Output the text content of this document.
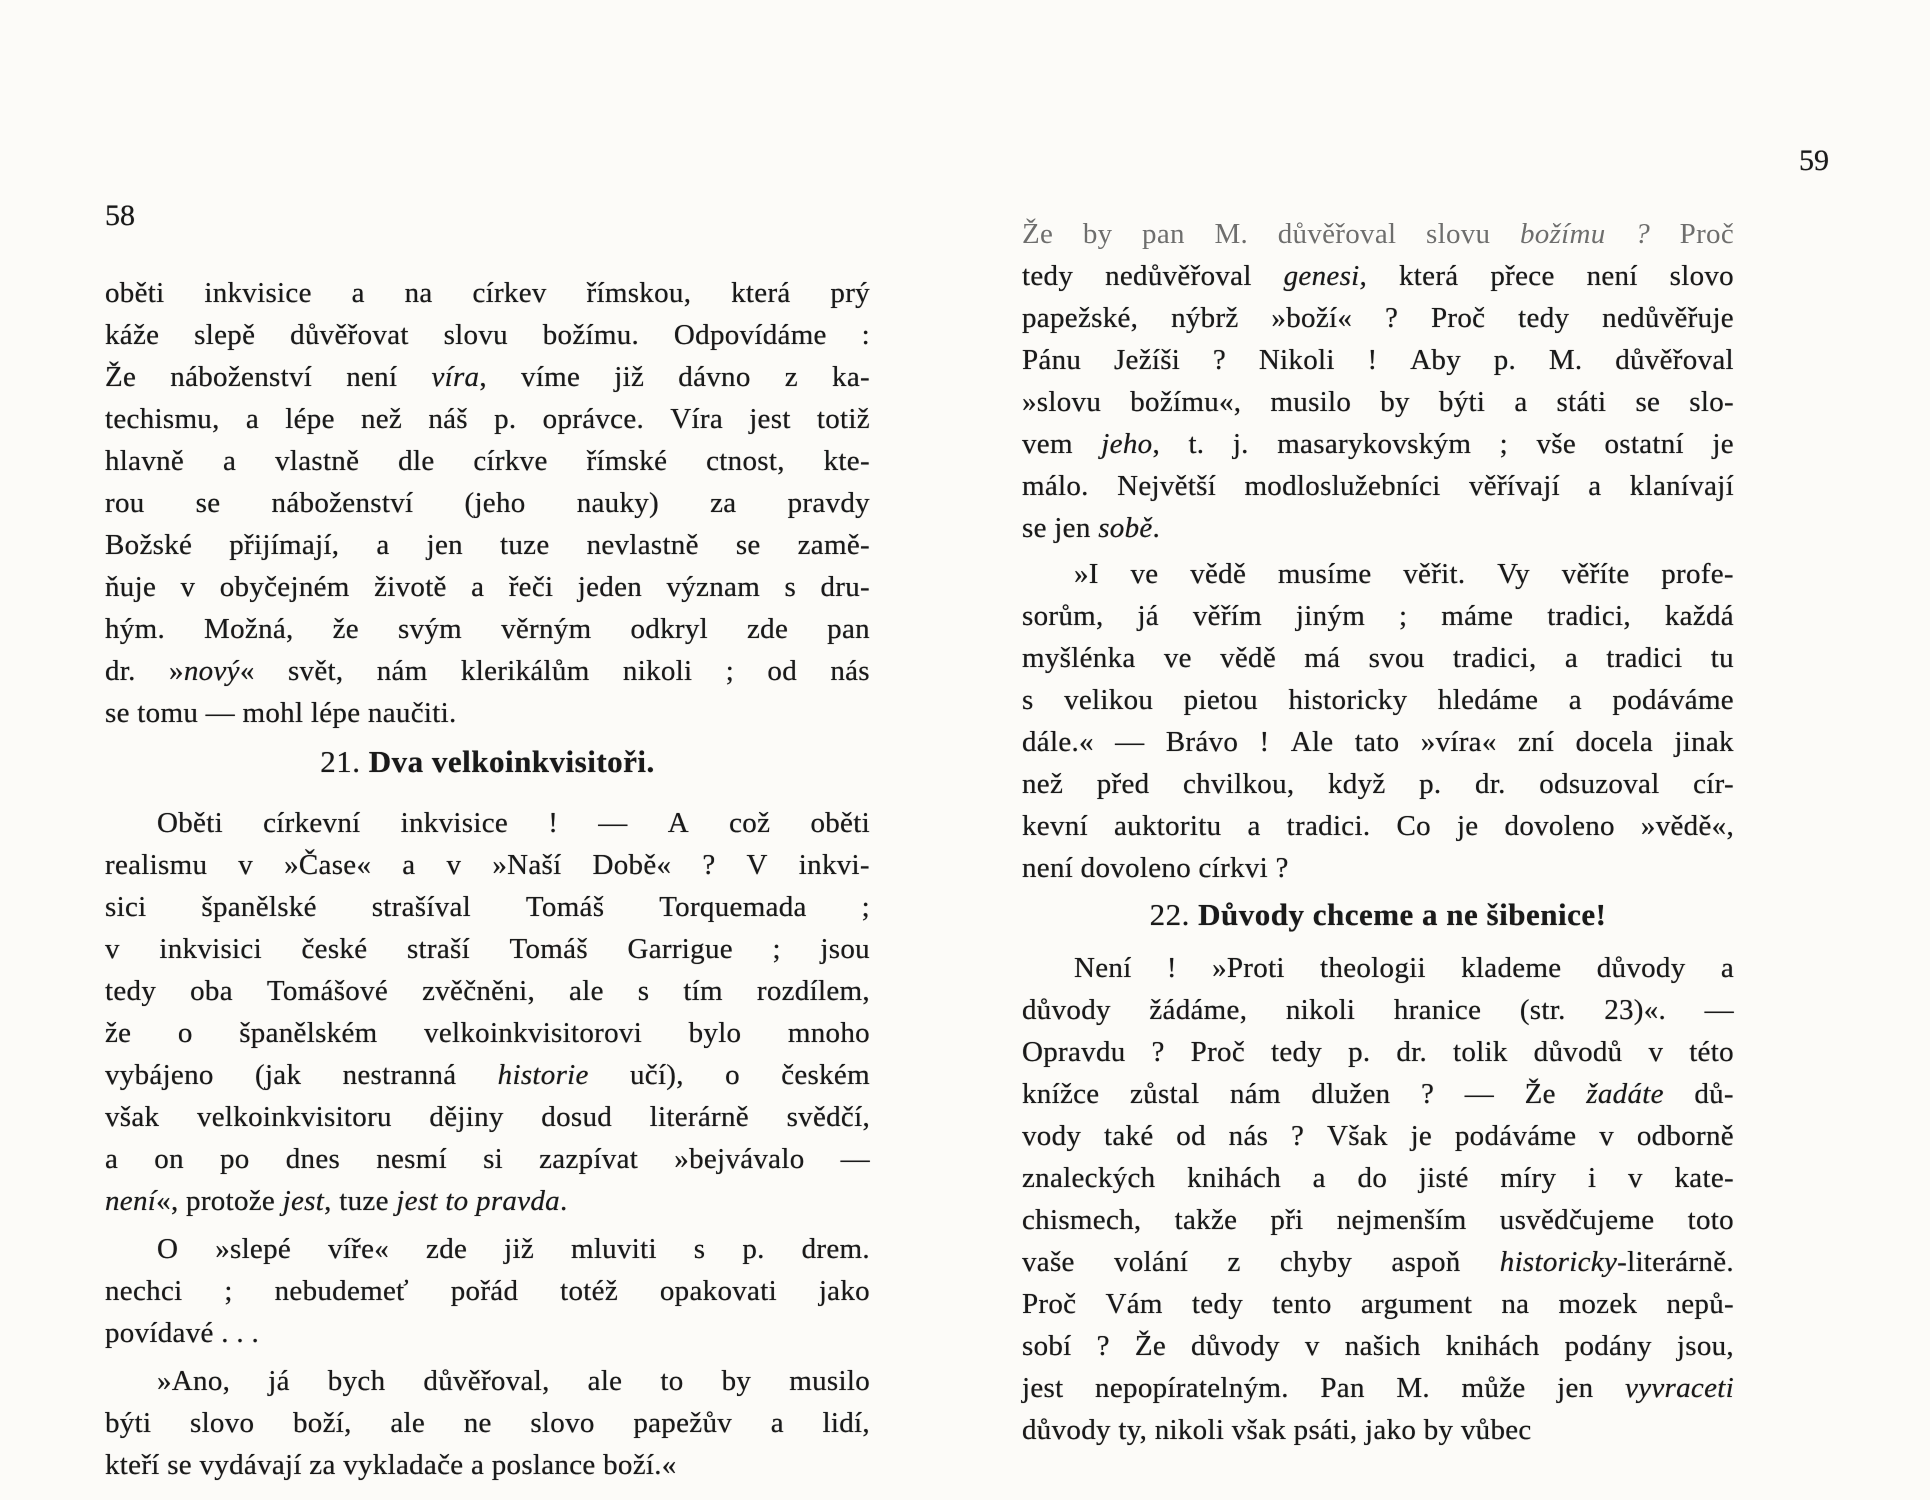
58
oběti inkvisice a na církev římskou, která prý
káže slepě důvěřovat slovu božímu. Odpovídáme :
Že náboženství není víra, víme již dávno z ka-
techismu, a lépe než náš p. oprávce. Víra jest totiž
hlavně a vlastně dle církve římské ctnost, kte-
rou se náboženství (jeho nauky) za pravdy
Božské přijímají, a jen tuze nevlastně se zamě-
ňuje v obyčejném životě a řeči jeden význam s dru-
hým. Možná, že svým věrným odkryl zde pan
dr. »nový« svět, nám klerikálům nikoli ; od nás
se tomu — mohl lépe naučiti.
21. Dva velkoinkvisitoři.
Oběti církevní inkvisice ! — A což oběti
realismu v »Čase« a v »Naší Době« ? V inkvi-
sici španělské strašíval Tomáš Torquemada ;
v inkvisici české straší Tomáš Garrigue ; jsou
tedy oba Tomášové zvěčněni, ale s tím rozdílem,
že o španělském velkoinkvisitorovi bylo mnoho
vybájeno (jak nestranná historie učí), o českém
však velkoinkvisitoru dějiny dosud literárně svědčí,
a on po dnes nesmí si zazpívat »bejvávalo —
není«, protože jest, tuze jest to pravda.
O »slepé víře« zde již mluviti s p. drem.
nechci ; nebudemeť pořád totéž opakovati jako
povídavé . . .
»Ano, já bych důvěřoval, ale to by musilo
býti slovo boží, ale ne slovo papežův a lidí,
kteří se vydávají za vykladače a poslance boží.«
59
Že by pan M. důvěřoval slovu božímu ? Proč
tedy nedůvěřoval genesi, která přece není slovo
papežské, nýbrž »boží« ? Proč tedy nedůvěřuje
Pánu Ježíši ? Nikoli ! Aby p. M. důvěřoval
»slovu božímu«, musilo by býti a státi se slo-
vem jeho, t. j. masarykovským ; vše ostatní je
málo. Největší modloslužebníci věřívají a klanívají
se jen sobě.
»I ve vědě musíme věřit. Vy věříte profe-
sorům, já věřím jiným ; máme tradici, každá
myšlénka ve vědě má svou tradici, a tradici tu
s velikou pietou historicky hledáme a podáváme
dále.« — Brávo ! Ale tato »víra« zní docela jinak
než před chvilkou, když p. dr. odsuzoval cír-
kevní auktoritu a tradici. Co je dovoleno »vědě«,
není dovoleno církvi ?
22. Důvody chceme a ne šibenice!
Není ! »Proti theologii klademe důvody a
důvody žádáme, nikoli hranice (str. 23)«. —
Opravdu ? Proč tedy p. dr. tolik důvodů v této
knížce zůstal nám dlužen ? — Že žadáte dů-
vody také od nás ? Však je podáváme v odborně
znaleckých knihách a do jisté míry i v kate-
chismech, takže při nejmenším usvědčujeme toto
vaše volání z chyby aspoň historicky-literárně.
Proč Vám tedy tento argument na mozek nepů-
sobí ? Že důvody v našich knihách podány jsou,
jest nepopíratelným. Pan M. může jen vyvraceti
důvody ty, nikoli však psáti, jako by vůbec
